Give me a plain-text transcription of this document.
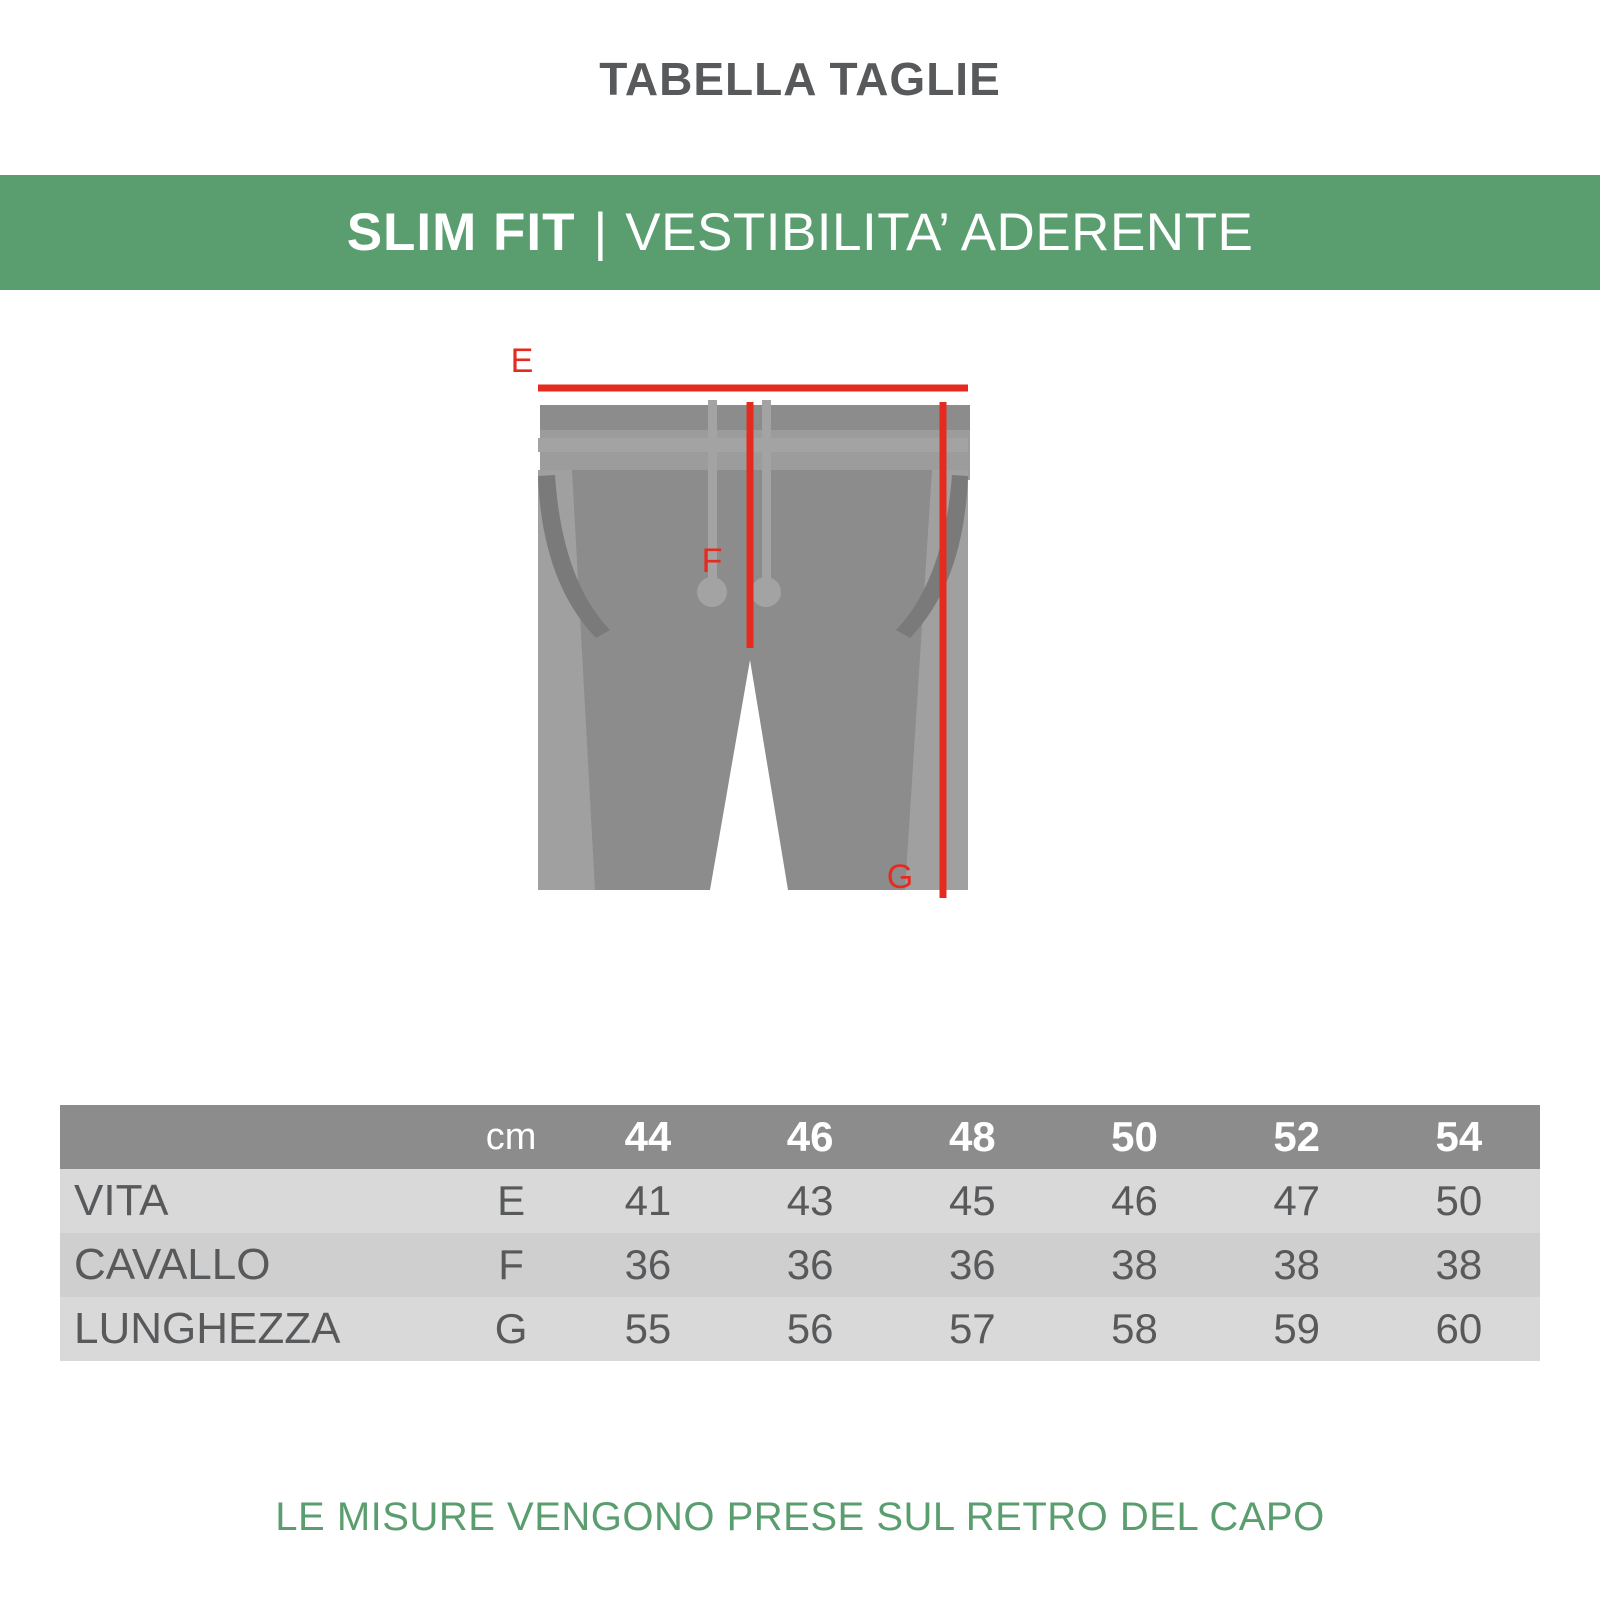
TABELLA TAGLIE
SLIM FIT | VESTIBILITA’ ADERENTE
E
F
G
	cm	44	46	48	50	52	54
VITA	E	41	43	45	46	47	50
CAVALLO	F	36	36	36	38	38	38
LUNGHEZZA	G	55	56	57	58	59	60
LE MISURE VENGONO PRESE SUL RETRO DEL CAPO
